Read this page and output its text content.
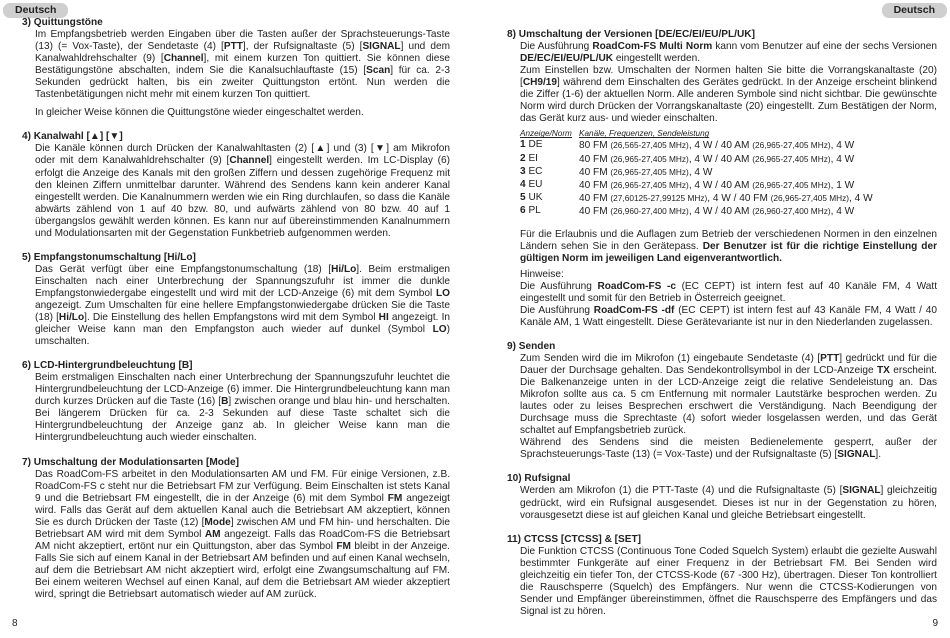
Deutsch

3) Quittungstöne

Im Empfangsbetrieb werden Eingaben über die Tasten außer der Sprachsteuerungs-Taste (13) (= Vox-Taste), der Sendetaste (4) [PTT], der Rufsignaltaste (5) [SIGNAL] und dem Kanalwahldrehschalter (9) [Channel], mit einem kurzen Ton quittiert. Sie können diese Bestätigungstöne abschalten, indem Sie die Kanalsuchlauftaste (15) [Scan] für ca. 2-3 Sekunden gedrückt halten, bis ein zweiter Quittungston ertönt. Nun werden die Tastenbetätigungen nicht mehr mit einem kurzen Ton quittiert.

In gleicher Weise können die Quittungstöne wieder eingeschaltet werden.

4) Kanalwahl [▲] [▼]

Die Kanäle können durch Drücken der Kanalwahltasten (2) [▲] und (3) [▼] am Mikrofon oder mit dem Kanalwahldrehschalter (9) [Channel] eingestellt werden. Im LC-Display (6) erfolgt die Anzeige des Kanals mit den großen Ziffern und dessen zugehörige Frequenz mit den kleinen Ziffern unmittelbar darunter. Während des Sendens kann kein anderer Kanal eingestellt werden. Die Kanalnummern werden wie ein Ring durchlaufen, so dass die Kanäle abwärts zählend von 1 auf 40 bzw. 80, und aufwärts zählend von 80 bzw. 40 auf 1 übergangslos gewählt werden können. Es kann nur auf übereinstimmenden Kanalnummern und Modulationsarten mit der Gegenstation Funkbetrieb aufgenommen werden.

5) Empfangstonumschaltung [Hi/Lo]

Das Gerät verfügt über eine Empfangstonumschaltung (18) [Hi/Lo]. Beim erstmaligen Einschalten nach einer Unterbrechung der Spannungszufuhr ist immer die dunkle Empfangstonwiedergabe eingestellt und wird mit der LCD-Anzeige (6) mit dem Symbol LO angezeigt. Zum Umschalten für eine hellere Empfangstonwiedergabe drücken Sie die Taste (18) [Hi/Lo]. Die Einstellung des hellen Empfangstons wird mit dem Symbol HI angezeigt. In gleicher Weise kann man den Empfangston auch wieder auf dunkel (Symbol LO) umschalten.

6) LCD-Hintergrundbeleuchtung [B]

Beim erstmaligen Einschalten nach einer Unterbrechung der Spannungszufuhr leuchtet die Hintergrundbeleuchtung der LCD-Anzeige (6) immer. Die Hintergrundbeleuchtung kann man durch kurzes Drücken auf die Taste (16) [B] zwischen orange und blau hin- und herschalten. Bei längerem Drücken für ca. 2-3 Sekunden auf diese Taste schaltet sich die Hintergrundbeleuchtung der Anzeige ganz ab. In gleicher Weise kann man die Hintergrundbeleuchtung auch wieder einschalten.

7) Umschaltung der Modulationsarten [Mode]

Das RoadCom-FS arbeitet in den Modulationsarten AM und FM. Für einige Versionen, z.B. RoadCom-FS c steht nur die Betriebsart FM zur Verfügung. Beim Einschalten ist stets Kanal 9 und die Betriebsart FM eingestellt, die in der Anzeige (6) mit dem Symbol FM angezeigt wird. Falls das Gerät auf dem aktuellen Kanal auch die Betriebsart AM akzeptiert, können Sie es durch Drücken der Taste (12) [Mode] zwischen AM und FM hin- und herschalten. Die Betriebsart AM wird mit dem Symbol AM angezeigt. Falls das RoadCom-FS die Betriebsart AM nicht akzeptiert, ertönt nur ein Quittungston, aber das Symbol FM bleibt in der Anzeige. Falls Sie sich auf einem Kanal in der Betriebsart AM befinden und auf einen Kanal wechseln, auf dem die Betriebsart AM nicht akzeptiert wird, erfolgt eine Zwangsumschaltung auf FM. Bei einem weiteren Wechsel auf einen Kanal, auf dem die Betriebsart AM wieder akzeptiert wird, springt die Betriebsart automatisch wieder auf AM zurück.

8
Deutsch

8) Umschaltung der Versionen [DE/EC/EI/EU/PL/UK]

Die Ausführung RoadCom-FS Multi Norm kann vom Benutzer auf eine der sechs Versionen DE/EC/EI/EU/PL/UK eingestellt werden.

Zum Einstellen bzw. Umschalten der Normen halten Sie bitte die Vorrangskanaltaste (20) [CH9/19] während dem Einschalten des Gerätes gedrückt. In der Anzeige erscheint blinkend die Ziffer (1-6) der aktuellen Norm. Alle anderen Symbole sind nicht sichtbar. Die gewünschte Norm wird durch Drücken der Vorrangskanaltaste (20) eingestellt. Zum Bestätigen der Norm, das Gerät kurz aus- und wieder einschalten.

Anzeige/Norm Kanäle, Frequenzen, Sendeleistung
1 DE	80 FM (26,565-27,405 MHz), 4 W / 40 AM (26,965-27,405 MHz), 4 W
2 EI	40 FM (26,965-27,405 MHz), 4 W / 40 AM (26,965-27,405 MHz), 4 W
3 EC	40 FM (26,965-27,405 MHz), 4 W
4 EU	40 FM (26,965-27,405 MHz), 4 W / 40 AM (26,965-27,405 MHz), 1 W
5 UK	40 FM (27,60125-27,99125 MHz), 4 W / 40 FM (26,965-27,405 MHz), 4 W
6 PL	40 FM (26,960-27,400 MHz), 4 W / 40 AM (26,960-27,400 MHz), 4 W

Für die Erlaubnis und die Auflagen zum Betrieb der verschiedenen Normen in den einzelnen Ländern sehen Sie in den Gerätepass. Der Benutzer ist für die richtige Einstellung der gültigen Norm im jeweiligen Land eigenverantwortlich.

Hinweise:

Die Ausführung RoadCom-FS -c (EC CEPT) ist intern fest auf 40 Kanäle FM, 4 Watt eingestellt und somit für den Betrieb in Österreich geeignet.

Die Ausführung RoadCom-FS -df (EC CEPT) ist intern fest auf 43 Kanäle FM, 4 Watt / 40 Kanäle AM, 1 Watt eingestellt. Diese Gerätevariante ist nur in den Niederlanden zugelassen.

9) Senden

Zum Senden wird die im Mikrofon (1) eingebaute Sendetaste (4) [PTT] gedrückt und für die Dauer der Durchsage gehalten. Das Sendekontrollsymbol in der LCD-Anzeige TX erscheint. Die Balkenanzeige unten in der LCD-Anzeige zeigt die relative Sendeleistung an. Das Mikrofon sollte aus ca. 5 cm Entfernung mit normaler Lautstärke besprochen werden. Zu lautes oder zu leises Besprechen erschwert die Verständigung. Nach Beendigung der Durchsage muss die Sprechtaste (4) sofort wieder losgelassen werden, und das Gerät schaltet auf Empfangsbetrieb zurück.

Während des Sendens sind die meisten Bedienelemente gesperrt, außer der Sprachsteuerungs-Taste (13) (= Vox-Taste) und der Rufsignaltaste (5) [SIGNAL].

10) Rufsignal

Werden am Mikrofon (1) die PTT-Taste (4) und die Rufsignaltaste (5) [SIGNAL] gleichzeitig gedrückt, wird ein Rufsignal ausgesendet. Dieses ist nur in der Gegenstation zu hören, vorausgesetzt diese ist auf gleichen Kanal und gleiche Betriebsart eingestellt.

11) CTCSS [CTCSS] & [SET]

Die Funktion CTCSS (Continuous Tone Coded Squelch System) erlaubt die gezielte Auswahl bestimmter Funkgeräte auf einer Frequenz in der Betriebsart FM. Bei Senden wird gleichzeitig ein tiefer Ton, der CTCSS-Kode (67 -300 Hz), übertragen. Dieser Ton kontrolliert die Rauschsperre (Squelch) des Empfängers. Nur wenn die CTCSS-Kodierungen von Sender und Empfänger übereinstimmen, öffnet die Rauschsperre des Empfängers und das Signal ist zu hören.

9
